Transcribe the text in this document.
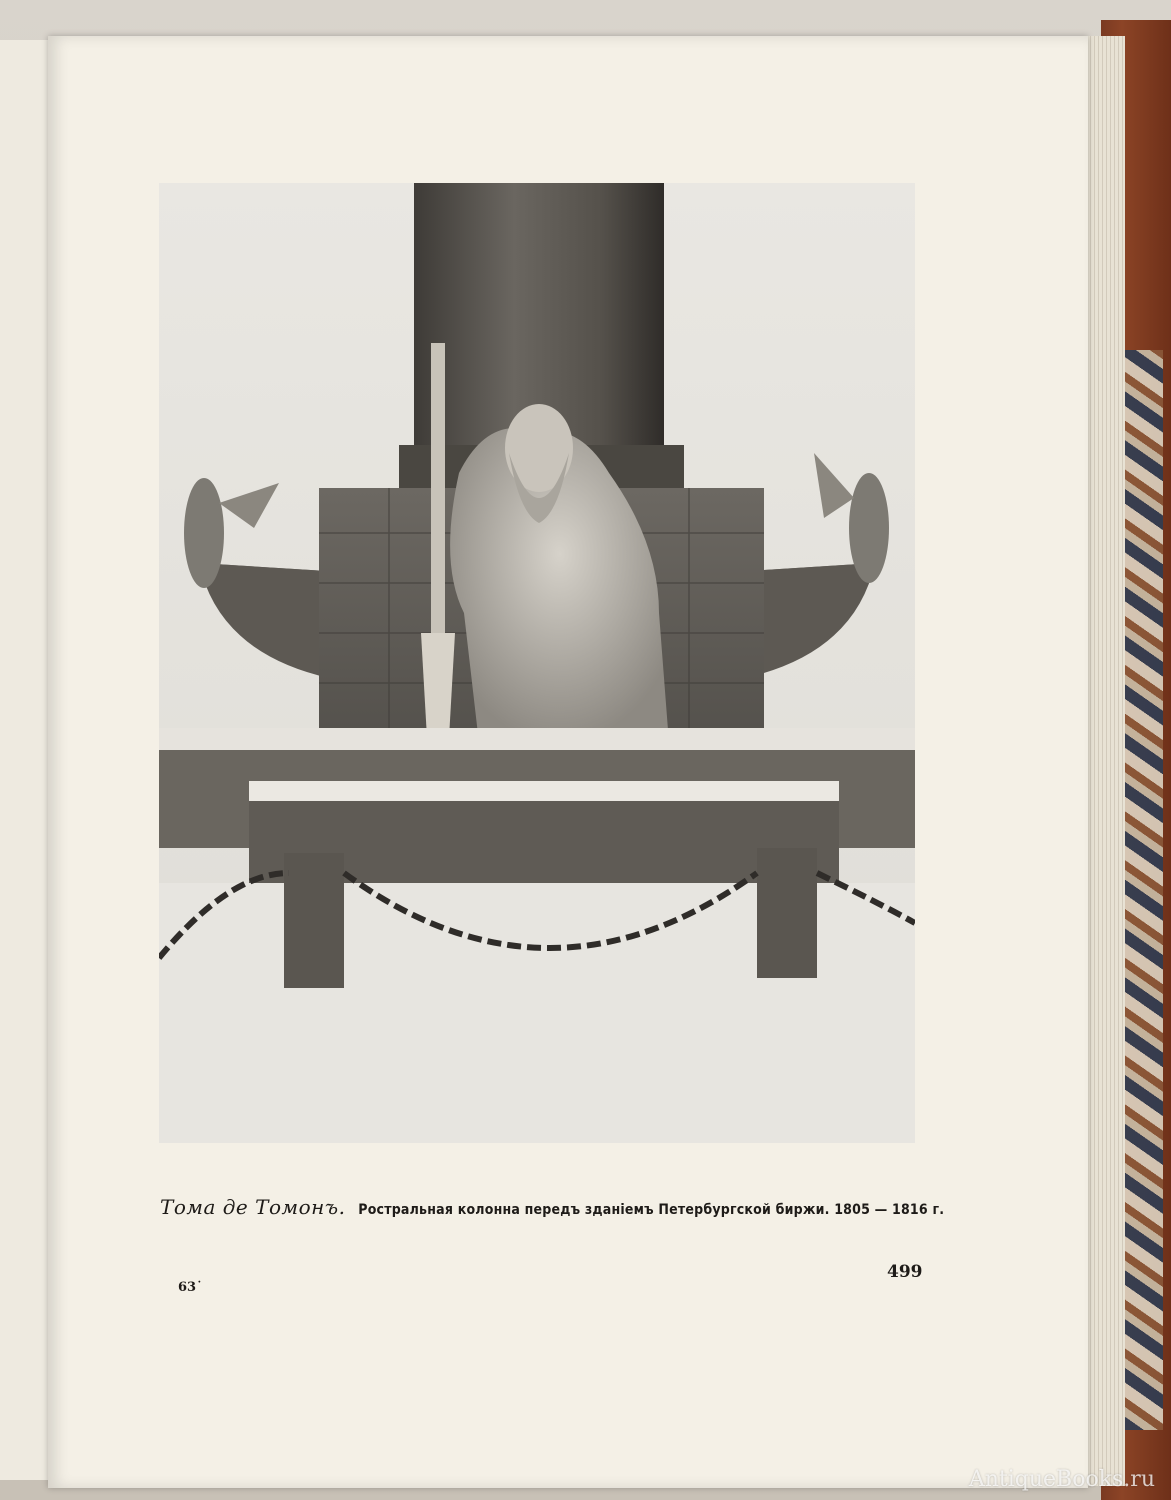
Тома де Томонъ. Ростральная колонна передъ зданіемъ Петербургской биржи. 1805 — 1816 г.
499
63˙
AntiqueBooks.ru
